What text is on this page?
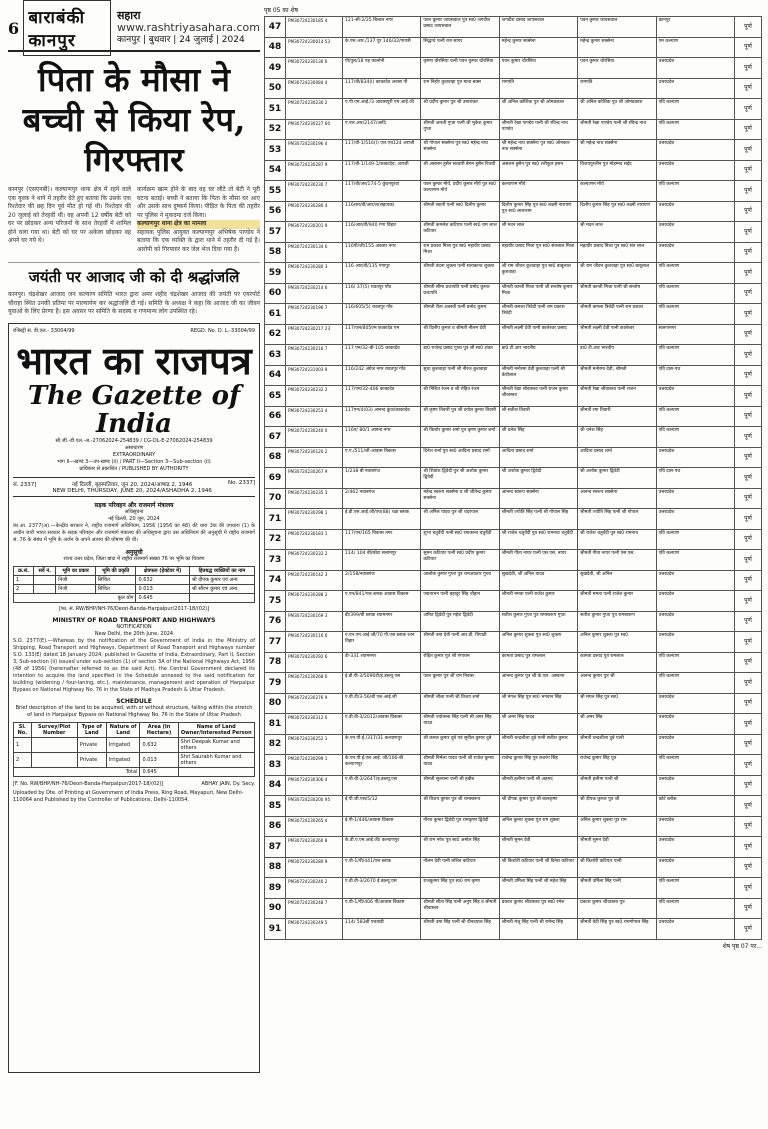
6 बाराबंकी कानपुर
सहारा
www.rashtriyasahara.com
कानपुर | बुधवार | 24 जुलाई | 2024
पिता के मौसा ने बच्ची से किया रेप, गिरफ्तार
कानपुर (एसएनबी)। कल्याणपुर थाना क्षेत्र में रहने वाले एक युवक ने थाने में तहरीर देते हुए बताया कि उसके एक रिश्तेदार की छह दिन पूर्व मौत हो गई थी। रिश्तेदार की 20 जुलाई को तेरहवीं थी। वह अपनी 12 वर्षीय बेटी को घर पर छोड़कर अन्य परिजनों के साथ तेरहवीं में शामिल होने चला गया था। बेटी को घर पर अकेला छोड़कर वह अपने घर गये थे।
कार्यक्रम खत्म होने के बाद वह घर लौटे तो बेटी ने पूरी घटना बताई। बच्ची ने बताया कि पिता के मौसा घर आए और उसके साथ दुष्कर्म किया। पीड़ित के पिता की तहरीर पर पुलिस ने मुकदमा दर्ज किया।
कल्याणपुर थाना क्षेत्र का मामला
सहायक पुलिस आयुक्त कल्याणपुर अभिषेक पाण्डेय ने बताया कि एक व्यक्ति के द्वारा थाने में तहरीर दी गई है। आरोपी को गिरफ्तार कर जेल भेज दिया गया है।
जयंती पर आजाद जी को दी श्रद्धांजलि
कानपुर। चंद्रशेखर आजाद जन कल्याण समिति भारत द्वारा अमर शहीद चंद्रशेखर आजाद की जयंती पर एयरपोर्ट चौराहा स्थित उनकी प्रतिमा पर माल्यार्पण कर श्रद्धांजलि दी गई। समिति के अध्यक्ष ने कहा कि आजाद जी का जीवन युवाओं के लिए प्रेरणा है। इस अवसर पर समिति के सदस्य व गणमान्य लोग उपस्थित रहे।
रजिस्ट्री सं. डी.एल.- 33004/99	REGD. No. D. L.-33004/99
भारत का राजपत्र
The Gazette of India
सी.जी.-डी.एल.-अ.-27062024-254839 / CG-DL-E-27062024-254839
असाधारण
EXTRAORDINARY
भाग II—खण्ड 3—उप-खण्ड (ii) / PART II—Section 3—Sub-section (ii)
प्राधिकार से प्रकाशित / PUBLISHED BY AUTHORITY
सं. 2337]	नई दिल्ली, बृहस्पतिवार, जून 20, 2024/आषाढ़ 2, 1946
NEW DELHI, THURSDAY, JUNE 20, 2024/ASHADHA 2, 1946
No. 2337]
सड़क परिवहन और राजमार्ग मंत्रालय
अधिसूचना
नई दिल्ली, 20 जून, 2024
का.आ. 2377(अ).—केन्द्रीय सरकार ने, राष्ट्रीय राजमार्ग अधिनियम, 1956 (1956 का 48) की धारा 3क की उपधारा (1) के अधीन जारी भारत सरकार के सड़क परिवहन और राजमार्ग मंत्रालय की अधिसूचना द्वारा उस अधिनियम की अनुसूची में राष्ट्रीय राजमार्ग सं. 76 के संबंध में भूमि के अर्जन के अपने आशय की घोषणा की थी।
अनुसूची
राज्य उत्तर प्रदेश, जिला बांदा में राष्ट्रीय राजमार्ग संख्या 76 पर भूमि का विवरण
क्र.सं.	सर्वे नं.	भूमि का प्रकार	भूमि की प्रकृति	क्षेत्रफल (हेक्टेयर में)	हितबद्ध व्यक्तियों का नाम
1		निजी	सिंचित	0.632	श्री दीपक कुमार एवं अन्य
2		निजी	सिंचित	0.013	श्री सौरभ कुमार एवं अन्य
कुल योग				0.645	
[फा. सं. RW/BHP/NH-76/Deori-Banda-Harpalpur/2017-18/(02)]
MINISTRY OF ROAD TRANSPORT AND HIGHWAYS
NOTIFICATION
New Delhi, the 20th June, 2024
S.O. 2377(E).—Whereas by the notification of the Government of India in the Ministry of Shipping, Road Transport and Highways, Department of Road Transport and Highways number S.O. 133(E) dated 18 January 2024, published in Gazette of India, Extraordinary, Part II, Section 3, Sub-section (ii) issued under sub-section (1) of section 3A of the National Highways Act, 1956 (48 of 1956) (hereinafter referred to as the said Act), the Central Government declared its intention to acquire the land specified in the Schedule annexed to the said notification for building (widening / four-laning, etc.), maintenance, management and operation of Harpalpur Bypass on National Highway No. 76 in the State of Madhya Pradesh & Uttar Pradesh.
SCHEDULE
Brief description of the land to be acquired, with or without structure, falling within the stretch of land in Harpalpur Bypass on National Highway No. 76 in the State of Uttar Pradesh
Sl. No.	Survey/Plot Number	Type of Land	Nature of Land	Area (In Hectare)	Name of Land Owner/Interested Person
1		Private	Irrigated	0.632	Shri Deepak Kumar and others
2		Private	Irrigated	0.013	Shri Saurabh Kumar and others
Total				0.645	
[F. No. RW/BHP/NH-76/Deori-Banda-Harpalpur/2017-18/(02)]	ABHAY JAIN, Dy. Secy.
Uploaded by Dte. of Printing at Government of India Press, Ring Road, Mayapuri, New Delhi-110064 and Published by the Controller of Publications, Delhi-110054.
पृष्ठ 05 का शेष
47	PM30724230185 4	121-सी-2/25 बिलाल नगर	पवन कुमार जायसवाल पुत्र स्व0 जगदीश प्रसाद जायसवाल	जगदीश प्रसाद जायसवाल	पवन कुमार जायसवाल	कानपुर	पूर्ण
48	PM30724230014 53	के.एस.आर./137 पुर 146/32/गायत्री	सिद्धार्थ पत्नी राम सागर	महेन्द्र कुमार सक्सेना	महेन्द्र कुमार सक्सेना	एम कल्याण	पूर्ण
49	PM30724230130 6	पी/पुल/18 पह कालोनी	कृष्णा चौरसिया पत्नी पवन कुमार चौरसिया	पवन कुमार चौरसिया	पवन कुमार चौरसिया	उत्तरप्रदेश	पूर्ण
50	PM30724230084 4	117/वी/834(I) काकादेव अवास पी	राम निहोर कुशवाहा पुत्र माता बक्स	रामपति	रामपति	उत्तरप्रदेश	पूर्ण
51	PM30724230230 2	ए.पी.एम.आई./3 आवासपुरी एम.आई.जी	श्री प्रदीप कुमार पुत्र श्री उमाशंकर	श्री अनिल कोशिक पुत्र श्री ओमप्रकाश	श्री अनिल कोशिक पुत्र श्री ओमप्रकाश	एवि कल्याण	पूर्ण
52	PM30724230227 60	ए.एल.आर/2147/आदि	श्रीमती आरती गुप्ता पत्नी श्री मुकेश कुमार गुप्ता	श्रीमती रेखा पाण्डेय पत्नी श्री रविन्द्र नाथ पाण्डेय	श्रीमती रेखा पाण्डेय पत्नी श्री रविन्द्र नाथ	एवि कल्याण	पूर्ण
53	PM30724230196 4	117/वी-1/516(I) एल.एच124 अराजी	श्री गोपाल सक्सेना पुत्र स्व0 महेन्द्र नाथ सक्सेना	श्री महेन्द्र नाथ सक्सेना पुत्र स्व0 ओमकार नाथ सक्सेना	श्री महेन्द्र नाथ सक्सेना	उत्तरप्रदेश	पूर्ण
54	PM30724230287 9	117/वी-1/149-1/काकादेव, अराजी	श्री असलम हुसैन सरवारी बेगम हुसैन रिजवी	असलम हुसैन पुत्र स्व0 शरीफुल हसन	विजयपुरलीन पुत्र मोहम्मद सईद	उत्तरप्रदेश	पूर्ण
55	PM30724230230 7	117/वी/अर/174-5 कुंदनपुरवा	पवन कुमार मौर्य, प्रदीप कुमार मौर्य पुत्र स्व0 कल्याणम मौर्य	कल्याणम मौर्य	कल्याणम मौर्य	एवि कल्याण	पूर्ण
56	PM30724230280 4	116शार/वी/आर/ल(सहायक)	श्रीमती स्वाती पत्नी स्व0 दिलीप कुमार	दिलीप कुमार सिंह पुत्र स्व0 लक्ष्मी नारायण पुत्र स्व0 लालाराम	दिलीप कुमार सिंह पुत्र स्व0 लक्ष्मी नारायण	उत्तरप्रदेश	पूर्ण
57	PM30724230201 9	116/आर/वी/940 गंगा विहार	श्रीमती कमलेश कटियार पत्नी स्व0 राम लाल कटियार	श्री मदन लाल	श्री मदन लाल	उत्तरप्रदेश	पूर्ण
58	PM30724230134 6	116पी/जी/155 अवतार नगर	राम प्रकाश मिश्रा पुत्र स्व0 महावीर प्रसाद मिश्रा	महावीर प्रसाद मिश्रा पुत्र स्व0 संतलाल मिश्रा	महावीर प्रसाद मिश्रा पुत्र स्व0 संत लाल	उत्तरप्रदेश	पूर्ण
59	PM30724230280 3	116 आर/वी/135 गंगापुर	श्रीमती वंदना शुक्ला पत्नी सत्यकान्त शुक्ला	श्री राम जीवन कुशवाहा पुत्र स्व0 बाबूलाल कुशवाहा	श्री राम जीवन कुशवाहा पुत्र स्व0 बाबूलाल	एवि कल्याण	पूर्ण
60	PM30724230214 6	116/ 37(5) रावतपुर गाँव	श्रीमती सीमा प्रजापति पत्नी प्रमोद कुमार प्रजापति	श्रीमती कान्ती मिश्रा पत्नी श्री सन्तोष कुमार मिश्रा	श्रीमती कान्ती मिश्रा पत्नी श्री सन्तोष	एवि कल्याण	पूर्ण
61	PM30724230196 7	116/605(5) रावतपुर गाँव	श्रीमती रीता अवस्थी पत्नी प्रमोद कुमार	श्रीमती कमला त्रिवेदी पत्नी राम प्रकाश त्रिवेदी	श्रीमती कमला त्रिवेदी पत्नी राम प्रकाश	एवि कल्याण	पूर्ण
62	PM30724230217 23	117/एल/805एम काकादेव एम	श्री दिलीप कुमार व श्रीमती नीलम देवी	श्रीमती लक्ष्मी देवी पत्नी कालेश्वर प्रसाद	श्रीमती लक्ष्मी देवी पत्नी कालेश्वर	स्वरूपनगर	पूर्ण
63	PM30724230216 7	117 एम/32-बी-105 काकादेव	डा0 राजेन्द्र प्रसाद गुप्ता पुत्र श्री स्व0 शंकर	डा0 टी.आर भारतीय	डा0 टी.आर भारतीय	एवि कल्याण	पूर्ण
64	PM30724231003 9	116/242 अंग्रेज नगर रावतपुर गाँव	सुधा कुशवाहा पत्नी श्री नीरज कुशवाहा	श्रीमती मनोरमा देवी कुशवाहा पत्नी श्री केदीलाल	श्रीमती मनोरमा देवी, श्रीमती	एवि दास-पथ	पूर्ण
65	PM30724230232 2	117/एम/32-406 काकादेव	श्री निशित रंजन व श्री रोहित रंजन	श्रीमती रेखा श्रीवास्तव पत्नी राजन कुमार श्रीवास्तव	श्रीमती रेखा श्रीवास्तव पत्नी राजन	उत्तरप्रदेश	पूर्ण
66	PM30724230253 4	117एन/4(03) आनन्द कुंज/काकादेव	श्री कृष्ण तिवारी पुत्र श्री दयोल कुमार तिवारी	श्री सतीश तिवारी	श्रीमती रमा तिवारी	एवि कल्याण	पूर्ण
67	PM30724230240 0	116ए/ 80/1 आनन्द नगर	श्री किशोर कुमार शर्मा पुत्र कृष्ण कुमार शर्मा	श्री धनेश सिंह	श्री धनेश सिंह	एवि कल्याण	पूर्ण
68	PM30724230120 2	ए.ए./511/जी-आवास विकास	दिनेश शर्मा पुत्र स्व0 आदित्य प्रसाद शर्मा	आदित्य प्रसाद शर्मा	आदित्य प्रसाद शर्मा	उत्तरप्रदेश	पूर्ण
69	PM30724230267 9	1/238 बी नवाबगंज	श्री शिवांश द्विवेदी पुत्र श्री अशोक कुमार द्विवेदी	श्री अशोक कुमार द्विवेदी	श्री अशोक कुमार द्विवेदी	एवि दास-पथ	पूर्ण
70	PM30724230235 3	2/462 नवाबगंज	महेन्द्र स्वरूप सक्सेना व श्री जीतेन्द्र कुमार सक्सेना	आनन्द स्वरूप सक्सेना	आनन्द स्वरूप सक्सेना	उत्तरप्रदेश	पूर्ण
71	PM30724230298 1	ई.डी.एस.आई.जी/एच(88) रक्षा ब्लाक	श्री अनिल यादव पुत्र श्री चंदरपाल	श्रीमती ज्योति सिंह पत्नी श्री गोपाल सिंह	श्रीमती ज्योति सिंह पत्नी श्री गोपाल	उत्तरप्रदेश	पूर्ण
72	PM30724230183 1	117/एन/165 विकास नगर	शुभा चतुर्वेदी पत्नी स्व0 रमाकान्त चतुर्वेदी	श्री राजेश चतुर्वेदी पुत्र स्व0 रामनाथ चतुर्वेदी	श्री राजेश चतुर्वेदी पुत्र स्व0 रामनाथ	एवि कल्याण	पूर्ण
73	PM30724230232 2	114/ 104 बी/छोटा सलामपुर	सुमन कटियार पत्नी स्व0 प्रदीप कुमार कटियार	श्रीमती गीता नायर पत्नी एस.एस. नायर	श्रीमती गीता नायर पत्नी एस.एस.	एवि कल्याण	पूर्ण
74	PM30724230142 3	2/158/नवाबगंज	आलोक कुमार गुप्ता पुत्र रामअवतार गुप्ता	सुखदेवी, श्री अनिल यादव	सुखदेवी, श्री अनिल	उत्तरप्रदेश	पूर्ण
75	PM30724230288 2	ए.एन/841/एल.ब्लाक आवास विकास	पद्मनाभन पत्नी बहादुर सिंह चौहान	श्रीमती ममता पत्नी राजेश कुमार	श्रीमती ममता पत्नी राजेश कुमार	उत्तरप्रदेश	पूर्ण
76	PM30724230169 3	डी/399/बी ब्लाक श्यामनगर	अमित द्विवेदी पुत्र महेश द्विवेदी	सतीश कुमार गुप्ता पुत्र रामस्वरूप गुप्ता	सतीश कुमार गुप्ता पुत्र रामस्वरूप	उत्तरप्रदेश	पूर्ण
77	PM30724230116 6	ए.एन.एम.आई.जी/70 पी.एस ब्लाक रतन विहार	श्रीमती उमा देवी पत्नी आर.डी. त्रिपाठी	अनिल कुमार शुक्ला पुत्र स्व0 शुक्ला	अनिल कुमार शुक्ला पुत्र स्व0	उत्तरप्रदेश	पूर्ण
78	PM30724230292 6	डी-331 श्यामनगर	रोहित कुमार पुत्र श्री गंगाराम	कामता प्रसाद पुत्र रामलाल	कामता प्रसाद पुत्र रामलाल	एवि कल्याण	पूर्ण
79	PM30724230268 6	ई.डी.पी-3/5090टी/इ.डब्ल्यू.एस	पवन कुमार पुत्र श्री राम निवास	आनन्द कुमार पुत्र श्री के.एल. अस्थाना	आनन्द कुमार पुत्र श्री	एवि कल्याण	पूर्ण
80	PM30724230276 9	ए.वी.टी/3-56/बी एल.आई.जी	श्रीमती शीला पत्नी श्री विजय शर्मा	श्री मंगल सिंह पुत्र स्व0 भगवान सिंह	श्री मंगल सिंह पुत्र स्व0	उत्तरप्रदेश	पूर्ण
81	PM30724230312 0	ए.डी.वी-3/2012/आवास विकास	श्रीमती ज्योत्सना सिंह पत्नी श्री अमर सिंह यादव	श्री अमर सिंह यादव	श्री अमर सिंह	उत्तरप्रदेश	पूर्ण
82	PM30724230252 1	के.एन.पी.ई./317/31 कल्याणपुर	श्री कमल कुमार दुबे एवं सुनील कुमार दुबे	श्रीमती चन्द्रशीला दुबे पत्नी सतीश कुमार	श्रीमती चन्द्रशीला दुबे पत्नी	उत्तरप्रदेश	पूर्ण
83	PM30724230299 1	के.एन.पी.ई.एल.आई. जी/106-बी कल्याणपुर	श्रीमती निर्मला यादव पत्नी श्री राजेश कुमार यादव	राजेन्द्र कुमार सिंह पुत्र बजरंग सिंह	राजेन्द्र कुमार सिंह पुत्र	एवि कल्याण	पूर्ण
84	PM30724230306 4	ए.वी.वी-3/2647/इ.डब्ल्यू.एस	श्रीमती सुल्ताना पत्नी श्री हबीब	श्रीमती हलीमा पत्नी श्री अहमद	श्रीमती हलीमा पत्नी श्री	उत्तरप्रदेश	पूर्ण
85	PM30724230200 95	ई.पी.जी.एस/5/12	श्री विजय कुमार पुत्र श्री रामस्वरूप	श्री दीपक कुमार पुत्र श्री बालकृष्ण	श्री दीपक कुमार पुत्र श्री	कोर्ट ब्लॉक	पूर्ण
86	PM30724230265 4	ई.पी-1/446/आवास विकास	नीरज कुमार द्विवेदी पुत्र रामकृष्ण द्विवेदी	अनिल कुमार शुक्ला पुत्र राम शुक्ला	अनिल कुमार शुक्ला पुत्र राम	उत्तरप्रदेश	पूर्ण
87	PM30724230260 8	के.डी.ए.एम.आई.जी/ कल्याणपुर	श्री राम नरेश पुत्र स्व0 अमोल सिंह	श्रीमती सुमन देवी	श्रीमती सुमन देवी	उत्तरप्रदेश	पूर्ण
88	PM30724230280 9	ए.वी-1/पी/441/एल ब्लाक	नीलम देवी पत्नी ललित कटियार	श्री किशोरी कटियार पत्नी श्री दिनेश कटियार	श्री किशोरी कटियार पत्नी	उत्तरप्रदेश	पूर्ण
89	PM30724230240 2	ए.डी.वी-3/2670 ई.डब्ल्यू.एस	राजकुमार सिंह पुत्र स्व0 राम कृष्ण	श्रीमती उर्मिला सिंह पत्नी श्री महेश सिंह	श्रीमती उर्मिला सिंह पत्नी	एवि कल्याण	पूर्ण
90	PM30724230248 7	ए.वी-1/पी/406 पी/आवास विकास	श्रीमती सीता सिंह पत्नी अनुप सिंह व श्रीमती श्रीवास्तव	प्रकाश कुमार श्रीवास्तव पुत्र स्व0 रमेश	प्रकाश कुमार श्रीवास्तव पुत्र	एवि कल्याण	पूर्ण
91	PM30724230249 5	114/ 583बी पचवाडी	श्रीमती उमा सिंह पत्नी श्री दीनदयाल सिंह	श्रीमती मंजू सिंह पत्नी श्री रामेन्द्र सिंह	श्रीमती वेदी सिंह पुत्र स्व0 रामगोपाल सिंह	उत्तरप्रदेश	पूर्ण
शेष पृष्ठ 07 पर...
